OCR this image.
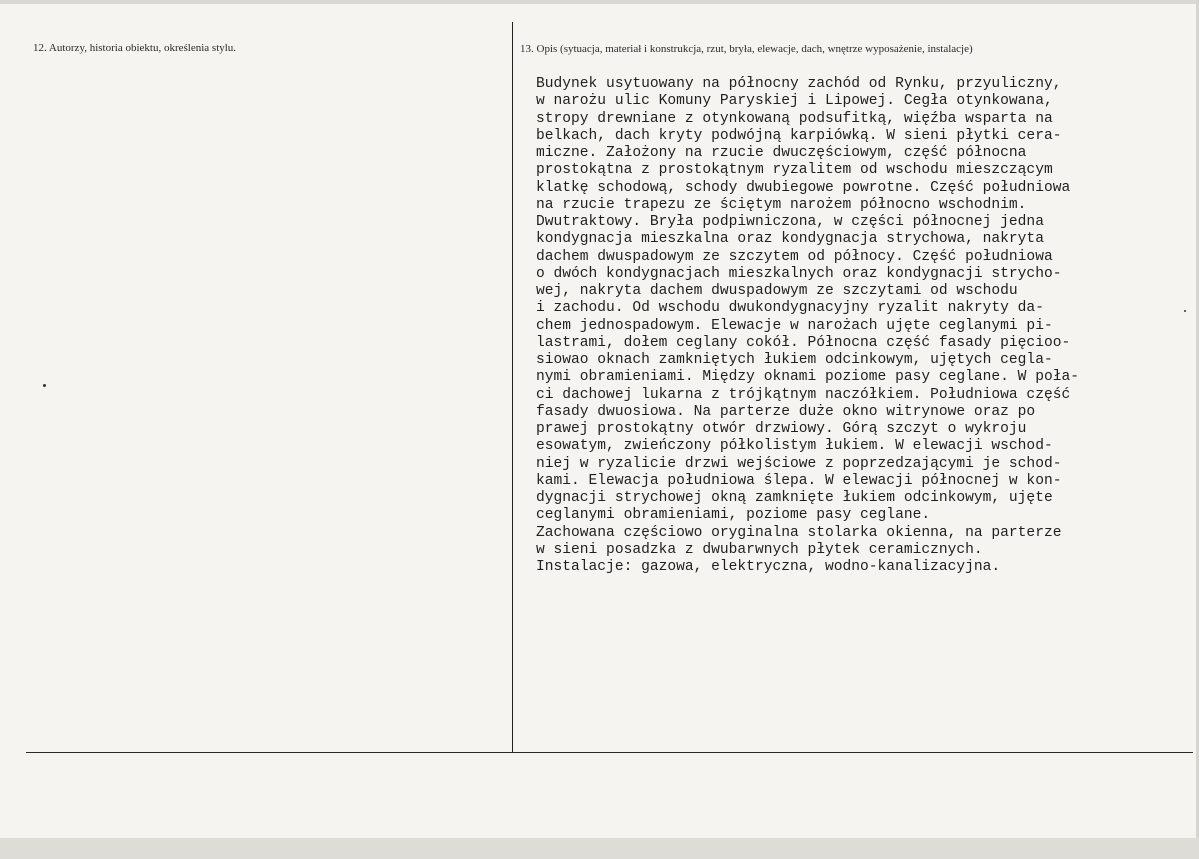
12. Autorzy, historia obiektu, określenia stylu.	13. Opis (sytuacja, materiał i konstrukcja, rzut, bryła, elewacje, dach, wnętrze wyposażenie, instalacje)
Budynek usytuowany na północny zachód od Rynku, przyuliczny,
w narożu ulic Komuny Paryskiej i Lipowej. Cegła otynkowana,
stropy drewniane z otynkowaną podsufitką, więźba wsparta na
belkach, dach kryty podwójną karpiówką. W sieni płytki cera-
miczne. Założony na rzucie dwuczęściowym, część północna
prostokątna z prostokątnym ryzalitem od wschodu mieszczącym
klatkę schodową, schody dwubiegowe powrotne. Część południowa
na rzucie trapezu ze ściętym narożem północno wschodnim.
Dwutraktowy. Bryła podpiwniczona, w części północnej jedna
kondygnacja mieszkalna oraz kondygnacja strychowa, nakryta
dachem dwuspadowym ze szczytem od północy. Część południowa
o dwóch kondygnacjach mieszkalnych oraz kondygnacji strycho-
wej, nakryta dachem dwuspadowym ze szczytami od wschodu
i zachodu. Od wschodu dwukondygnacyjny ryzalit nakryty da-
chem jednospadowym. Elewacje w narożach ujęte ceglanymi pi-
lastrami, dołem ceglany cokół. Północna część fasady pięcioo-
siowao oknach zamkniętych łukiem odcinkowym, ujętych cegla-
nymi obramieniami. Między oknami poziome pasy ceglane. W poła-
ci dachowej lukarna z trójkątnym naczółkiem. Południowa część
fasady dwuosiowa. Na parterze duże okno witrynowe oraz po
prawej prostokątny otwór drzwiowy. Górą szczyt o wykroju
esowatym, zwieńczony półkolistym łukiem. W elewacji wschod-
niej w ryzalicie drzwi wejściowe z poprzedzającymi je schod-
kami. Elewacja południowa ślepa. W elewacji północnej w kon-
dygnacji strychowej okną zamknięte łukiem odcinkowym, ujęte
ceglanymi obramieniami, poziome pasy ceglane.
Zachowana częściowo oryginalna stolarka okienna, na parterze
w sieni posadzka z dwubarwnych płytek ceramicznych.
Instalacje: gazowa, elektryczna, wodno-kanalizacyjna.
